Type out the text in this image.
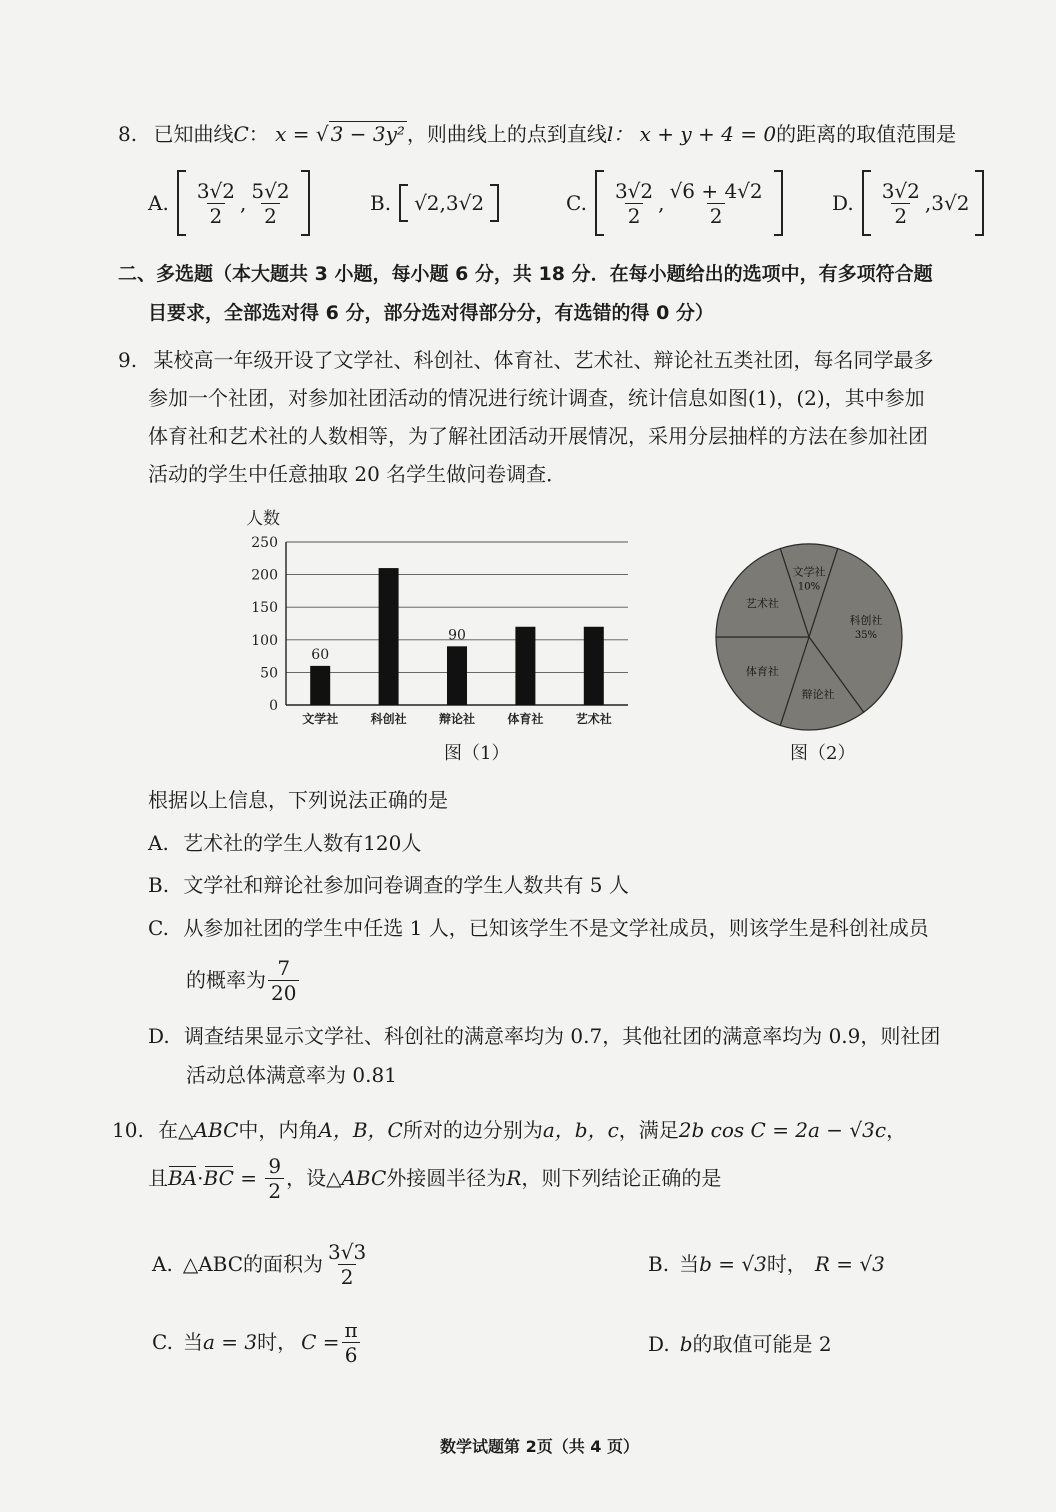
8. 已知曲线C： x = √ 3 − 3y² ，则曲线上的点到直线l： x + y + 4 = 0的距离的取值范围是
A. $\frac{3√2}{2}$ , $\frac{5√2}{2}$	B.	√2,3√2	C. $\frac{3√2}{2}$ , $\frac{√6 + 4√2}{2}$	D. $\frac{3√2}{2} ,3√2$
二、多选题（本大题共 3 小题，每小题 6 分，共 18 分．在每小题给出的选项中，有多项符合题
目要求，全部选对得 6 分，部分选对得部分分，有选错的得 0 分）
9. 某校高一年级开设了文学社、科创社、体育社、艺术社、辩论社五类社团，每名同学最多
参加一个社团，对参加社团活动的情况进行统计调查，统计信息如图(1)，(2)，其中参加
体育社和艺术社的人数相等，为了解社团活动开展情况，采用分层抽样的方法在参加社团
活动的学生中任意抽取 20 名学生做问卷调查．
人数
0
50
100
150
200
250
文学社
60
科创社	辩论社
90
体育社	艺术社
图（1）
文学社
10%
科创社
35%
辩论社
体育社
艺术社
图（2）
根据以上信息，下列说法正确的是
A. 艺术社的学生人数有120人
B. 文学社和辩论社参加问卷调查的学生人数共有 5 人
C. 从参加社团的学生中任选 1 人，已知该学生不是文学社成员，则该学生是科创社成员
的概率为 $\frac{7}{20}$
D. 调查结果显示文学社、科创社的满意率均为 0.7，其他社团的满意率均为 0.9，则社团
活动总体满意率为 0.81
10. 在△ABC中，内角A，B，C所对的边分别为a，b，c，满足2b cos C = 2a − √3c，
且 BA · BC = $\frac{9}{2}$ ，设△ ABC 外接圆半径为 R ，则下列结论正确的是
A. △ABC的面积为 $\frac{3√3}{2}$	B. 当b = √3时， R = √3
C. 当 a = 3 时， $C = \frac{\pi}{6}$	D. b的取值可能是 2
数学试题第 2页（共 4 页）
